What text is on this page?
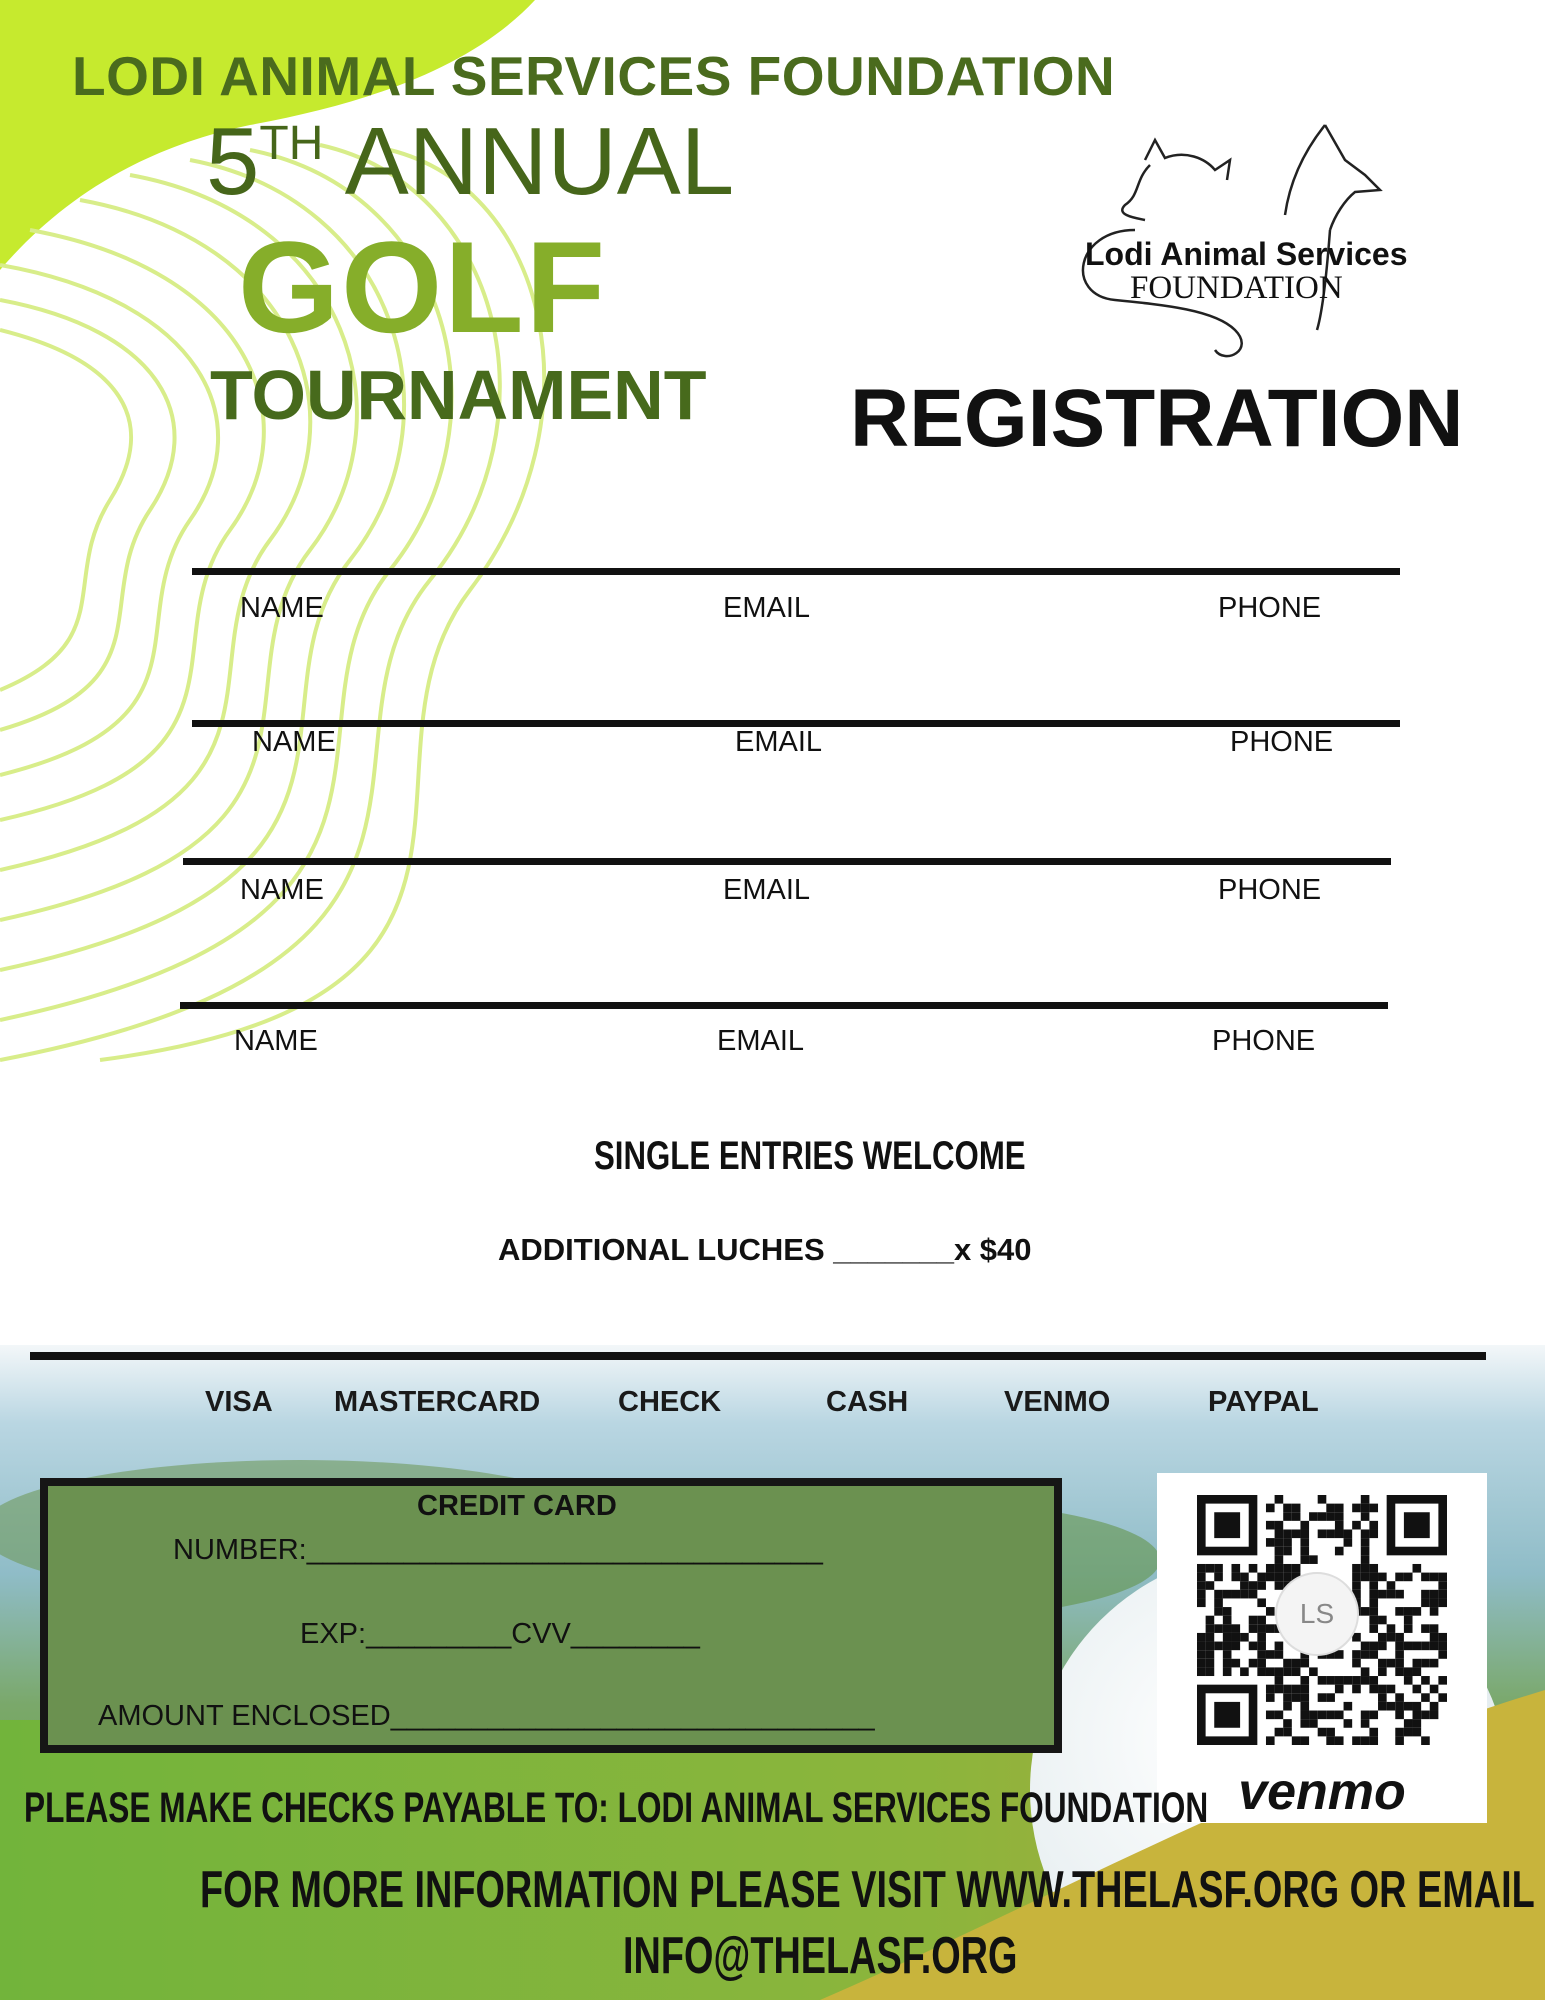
LODI ANIMAL SERVICES FOUNDATION
5TH ANNUAL
GOLF
TOURNAMENT REGISTRATION
Lodi Animal Services
FOUNDATION
NAME	EMAIL	PHONE
NAME	EMAIL	PHONE
NAME	EMAIL	PHONE
NAME	EMAIL	PHONE
SINGLE ENTRIES WELCOME
ADDITIONAL LUCHES _______x $40
VISA MASTERCARD	CHECK	CASH	VENMO	PAYPAL
CREDIT CARD
NUMBER:________________________________
EXP:_________CVV________
AMOUNT ENCLOSED______________________________
LS
venmo
PLEASE MAKE CHECKS PAYABLE TO: LODI ANIMAL SERVICES FOUNDATION
FOR MORE INFORMATION PLEASE VISIT WWW.THELASF.ORG OR EMAIL
INFO@THELASF.ORG
